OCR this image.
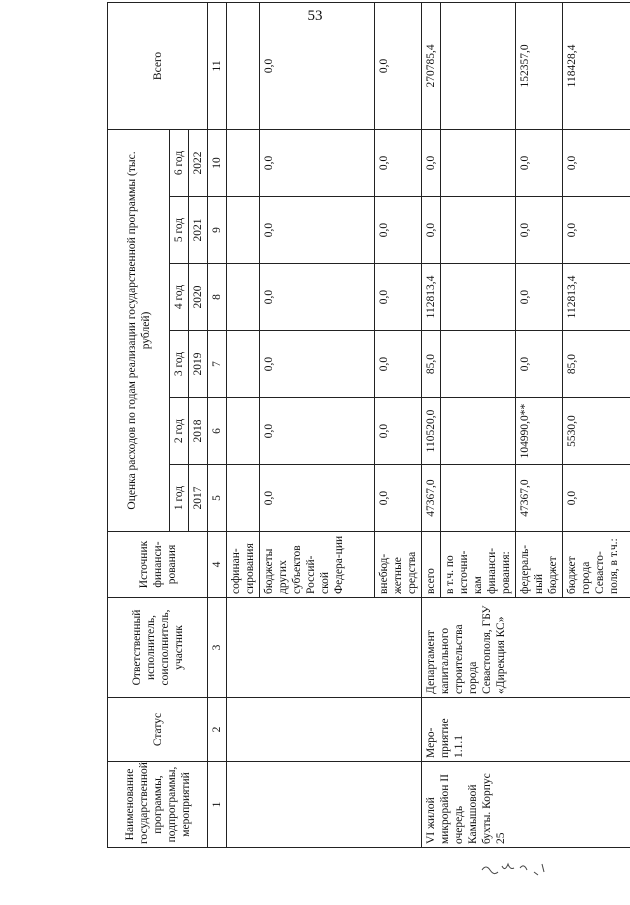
53
Наименование государственной программы, подпрограммы, мероприятий	Статус	Ответственный исполнитель, соисполнитель, участник	Источник финанси-рования	Оценка расходов по годам реализации государственной программы (тыс. рублей)						Всего
				1 год	2 год	3 год	4 год	5 год	6 год	
				2017	2018	2019	2020	2021	2022	
1	2	3	4	5	6	7	8	9	10	11
			софинан-сирования							
			бюджеты других субъектов Россий-ской Федера-ции	0,0	0,0	0,0	0,0	0,0	0,0	0,0
			внебюд-жетные средства	0,0	0,0	0,0	0,0	0,0	0,0	0,0
VI жилой микрорайон II очередь Камышовой бухты. Корпус 25	Меро-приятие 1.1.1	Департамент капитального строительства города Севастополя, ГБУ «Дирекция КС»	всего	47367,0	110520,0	85,0	112813,4	0,0	0,0	270785,4
			в т.ч. по источни-кам финанси-рования:							
			федераль-ный бюджет	47367,0	104990,0**	0,0	0,0	0,0	0,0	152357,0
			бюджет города Севасто-поля, в т.ч.:	0,0	5530,0	85,0	112813,4	0,0	0,0	118428,4
